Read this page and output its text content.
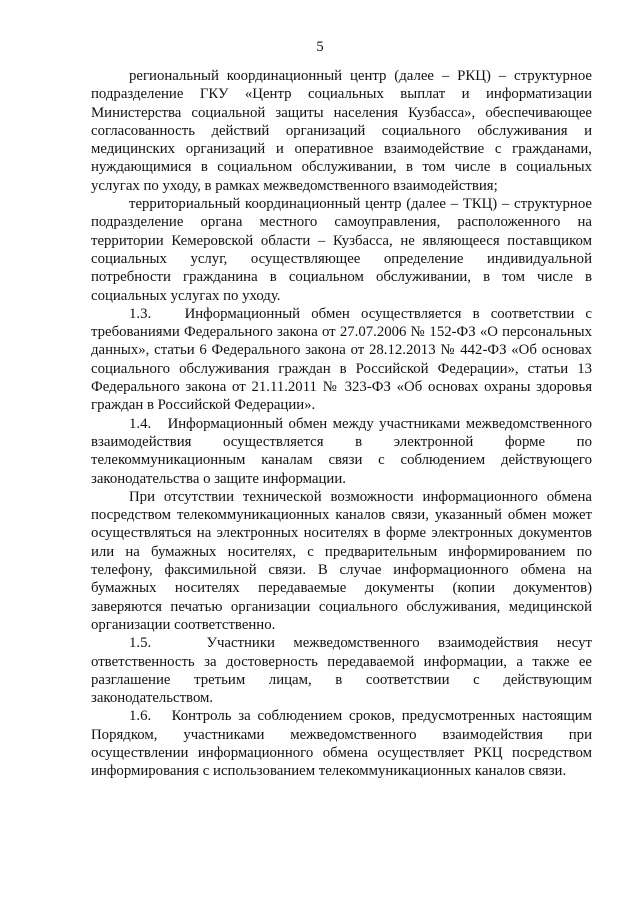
5

региональный координационный центр (далее – РКЦ) – структурное подразделение ГКУ «Центр социальных выплат и информатизации Министерства социальной защиты населения Кузбасса», обеспечивающее согласованность действий организаций социального обслуживания и медицинских организаций и оперативное взаимодействие с гражданами, нуждающимися в социальном обслуживании, в том числе в социальных услугах по уходу, в рамках межведомственного взаимодействия;

территориальный координационный центр (далее – ТКЦ) – структурное подразделение органа местного самоуправления, расположенного на территории Кемеровской области – Кузбасса, не являющееся поставщиком социальных услуг, осуществляющее определение индивидуальной потребности гражданина в социальном обслуживании, в том числе в социальных услугах по уходу.

1.3.   Информационный обмен осуществляется в соответствии с требованиями Федерального закона от 27.07.2006 № 152-ФЗ «О персональных данных», статьи 6 Федерального закона от 28.12.2013 № 442-ФЗ «Об основах социального обслуживания граждан в Российской Федерации», статьи 13 Федерального закона от 21.11.2011 № 323-ФЗ «Об основах охраны здоровья граждан в Российской Федерации».

1.4.   Информационный обмен между участниками межведомственного взаимодействия осуществляется в электронной форме по телекоммуникационным каналам связи с соблюдением действующего законодательства о защите информации.

При отсутствии технической возможности информационного обмена посредством телекоммуникационных каналов связи, указанный обмен может осуществляться на электронных носителях в форме электронных документов или на бумажных носителях, с предварительным информированием по телефону, факсимильной связи. В случае информационного обмена на бумажных носителях передаваемые документы (копии документов) заверяются печатью организации социального обслуживания, медицинской организации соответственно.

1.5.   Участники межведомственного взаимодействия несут ответственность за достоверность передаваемой информации, а также ее разглашение третьим лицам, в соответствии с действующим законодательством.

1.6.   Контроль за соблюдением сроков, предусмотренных настоящим Порядком, участниками межведомственного взаимодействия при осуществлении информационного обмена осуществляет РКЦ посредством информирования с использованием телекоммуникационных каналов связи.
